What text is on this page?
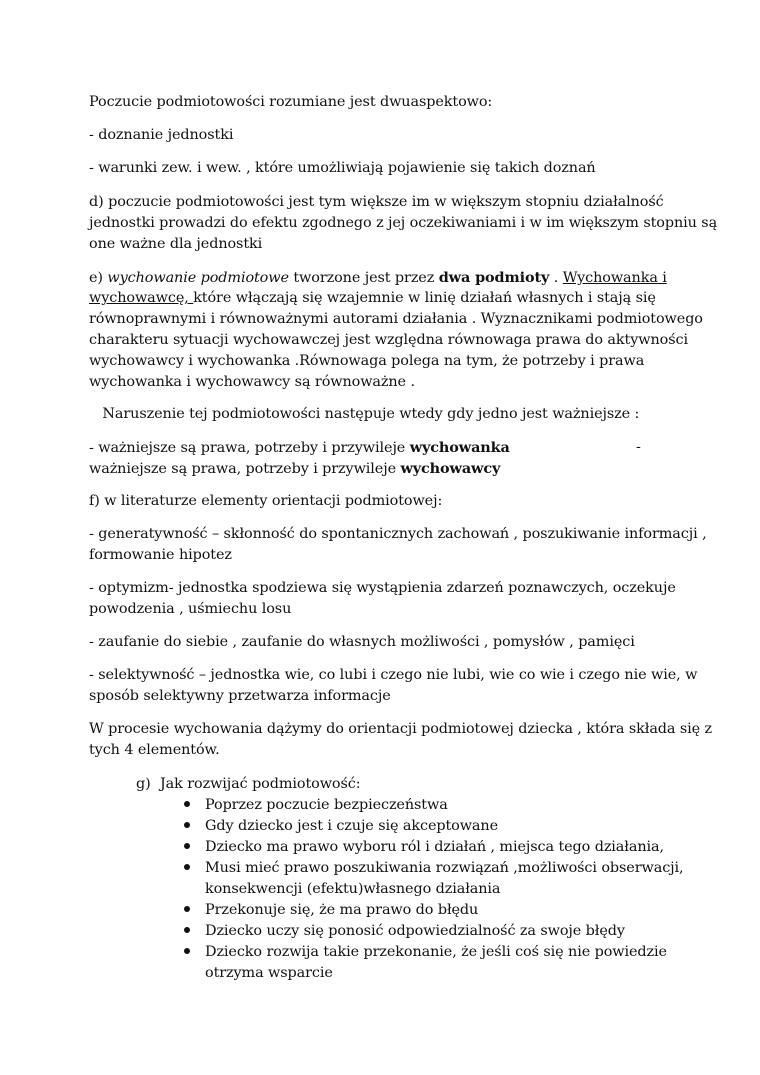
Poczucie podmiotowości rozumiane jest dwuaspektowo:
- doznanie jednostki
- warunki zew. i wew. , które umożliwiają pojawienie się takich doznań
d) poczucie podmiotowości jest tym większe im w większym stopniu działalność
jednostki prowadzi do efektu zgodnego z jej oczekiwaniami i w im większym stopniu są
one ważne dla jednostki
e) wychowanie podmiotowe tworzone jest przez dwa podmioty . Wychowanka i
wychowawcę, które włączają się wzajemnie w linię działań własnych i stają się
równoprawnymi i równoważnymi autorami działania . Wyznacznikami podmiotowego
charakteru sytuacji wychowawczej jest względna równowaga prawa do aktywności
wychowawcy i wychowanka .Równowaga polega na tym, że potrzeby i prawa
wychowanka i wychowawcy są równoważne .
Naruszenie tej podmiotowości następuje wtedy gdy jedno jest ważniejsze :
- ważniejsze są prawa, potrzeby i przywileje wychowanka	-
ważniejsze są prawa, potrzeby i przywileje wychowawcy
f) w literaturze elementy orientacji podmiotowej:
- generatywność – skłonność do spontanicznych zachowań , poszukiwanie informacji ,
formowanie hipotez
- optymizm- jednostka spodziewa się wystąpienia zdarzeń poznawczych, oczekuje
powodzenia , uśmiechu losu
- zaufanie do siebie , zaufanie do własnych możliwości , pomysłów , pamięci
- selektywność – jednostka wie, co lubi i czego nie lubi, wie co wie i czego nie wie, w
sposób selektywny przetwarza informacje
W procesie wychowania dążymy do orientacji podmiotowej dziecka , która składa się z
tych 4 elementów.
g) Jak rozwijać podmiotowość:
Poprzez poczucie bezpieczeństwa
Gdy dziecko jest i czuje się akceptowane
Dziecko ma prawo wyboru ról i działań , miejsca tego działania,
Musi mieć prawo poszukiwania rozwiązań ,możliwości obserwacji,
konsekwencji (efektu)własnego działania
Przekonuje się, że ma prawo do błędu
Dziecko uczy się ponosić odpowiedzialność za swoje błędy
Dziecko rozwija takie przekonanie, że jeśli coś się nie powiedzie
otrzyma wsparcie
